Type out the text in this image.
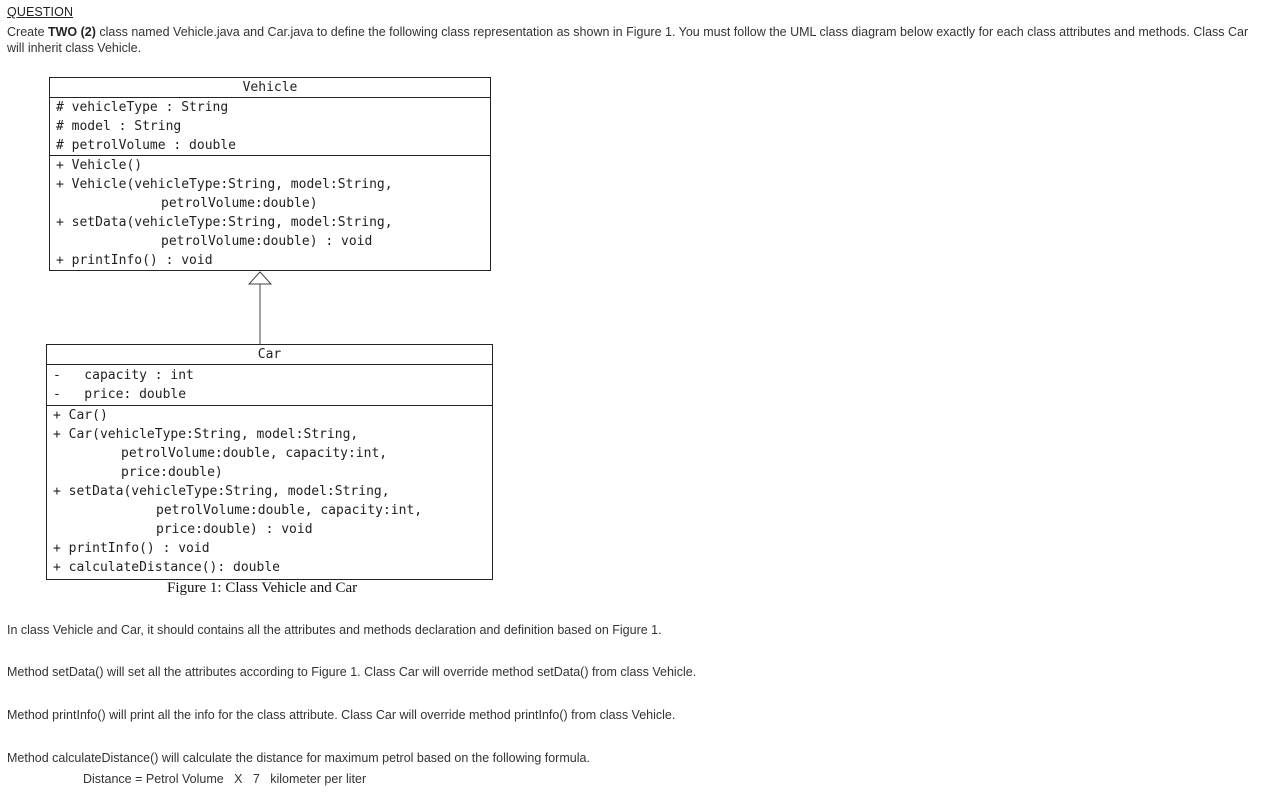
QUESTION
Create TWO (2) class named Vehicle.java and Car.java to define the following class representation as shown in Figure 1. You must follow the UML class diagram below exactly for each class attributes and methods. Class Car will inherit class Vehicle.
Vehicle
# vehicleType : String
# model : String
# petrolVolume : double
+ Vehicle()
+ Vehicle(vehicleType:String, model:String,
petrolVolume:double)
+ setData(vehicleType:String, model:String,
petrolVolume:double) : void
+ printInfo() : void
Car
-   capacity : int
-   price: double
+ Car()
+ Car(vehicleType:String, model:String,
petrolVolume:double, capacity:int,
price:double)
+ setData(vehicleType:String, model:String,
petrolVolume:double, capacity:int,
price:double) : void
+ printInfo() : void
+ calculateDistance(): double
Figure 1: Class Vehicle and Car
In class Vehicle and Car, it should contains all the attributes and methods declaration and definition based on Figure 1.
Method setData() will set all the attributes according to Figure 1. Class Car will override method setData() from class Vehicle.
Method printInfo() will print all the info for the class attribute. Class Car will override method printInfo() from class Vehicle.
Method calculateDistance() will calculate the distance for maximum petrol based on the following formula.
Distance = Petrol Volume   X   7   kilometer per liter
